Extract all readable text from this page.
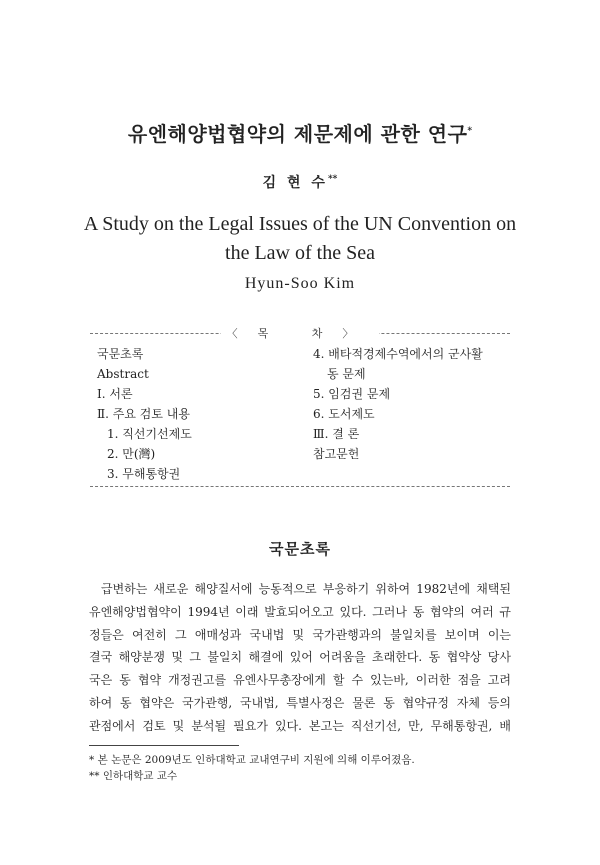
유엔해양법협약의 제문제에 관한 연구*
김 현 수**
A Study on the Legal Issues of the UN Convention on
the Law of the Sea
Hyun-Soo Kim
〈목 차〉
국문초록
Abstract
Ⅰ. 서론
Ⅱ. 주요 검토 내용
1. 직선기선제도
2. 만(灣)
3. 무해통항권
4. 배타적경제수역에서의 군사활
동 문제
5. 임검권 문제
6. 도서제도
Ⅲ. 결 론
참고문헌
국문초록
급변하는 새로운 해양질서에 능동적으로 부응하기 위하여 1982년에 채택된
유엔해양법협약이 1994년 이래 발효되어오고 있다. 그러나 동 협약의 여러 규
정들은 여전히 그 애매성과 국내법 및 국가관행과의 불일치를 보이며 이는
결국 해양분쟁 및 그 불일치 해결에 있어 어려움을 초래한다. 동 협약상 당사
국은 동 협약 개정권고를 유엔사무총장에게 할 수 있는바, 이러한 점을 고려
하여 동 협약은 국가관행, 국내법, 특별사정은 물론 동 협약규정 자체 등의
관점에서 검토 및 분석될 필요가 있다. 본고는 직선기선, 만, 무해통항권, 배
* 본 논문은 2009년도 인하대학교 교내연구비 지원에 의해 이루어졌음.
** 인하대학교 교수
